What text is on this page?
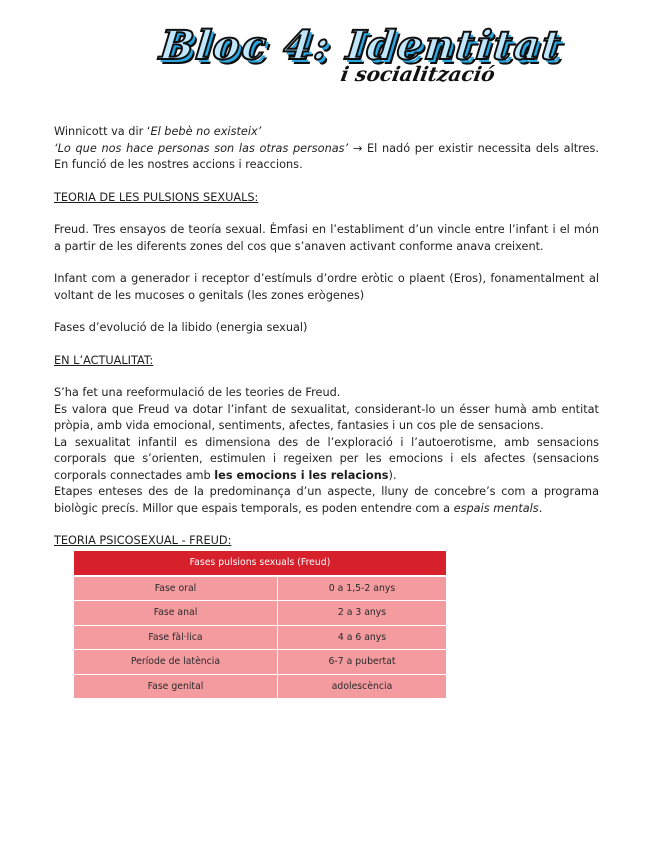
Bloc 4: Identitat
i socialització

Winnicott va dir ‘El bebè no existeix’

‘Lo que nos hace personas son las otras personas’ → El nadó per existir necessita dels altres. En funció de les nostres accions i reaccions.

TEORIA DE LES PULSIONS SEXUALS:

Freud. Tres ensayos de teoría sexual. Èmfasi en l’establiment d’un vincle entre l’infant i el món a partir de les diferents zones del cos que s’anaven activant conforme anava creixent.

Infant com a generador i receptor d’estímuls d’ordre eròtic o plaent (Eros), fonamentalment al voltant de les mucoses o genitals (les zones erògenes)

Fases d’evolució de la libido (energia sexual)

EN L’ACTUALITAT:

S’ha fet una reeformulació de les teories de Freud.

Es valora que Freud va dotar l’infant de sexualitat, considerant-lo un ésser humà amb entitat pròpia, amb vida emocional, sentiments, afectes, fantasies i un cos ple de sensacions.

La sexualitat infantil es dimensiona des de l’exploració i l’autoerotisme, amb sensacions corporals que s’orienten, estimulen i regeixen per les emocions i els afectes (sensacions corporals connectades amb les emocions i les relacions).

Etapes enteses des de la predominança d’un aspecte, lluny de concebre’s com a programa biològic precís. Millor que espais temporals, es poden entendre com a espais mentals.

TEORIA PSICOSEXUAL - FREUD:

Fases pulsions sexuals (Freud)	
Fase oral	0 a 1,5-2 anys
Fase anal	2 a 3 anys
Fase fàl·lica	4 a 6 anys
Període de latència	6-7 a pubertat
Fase genital	adolescència
